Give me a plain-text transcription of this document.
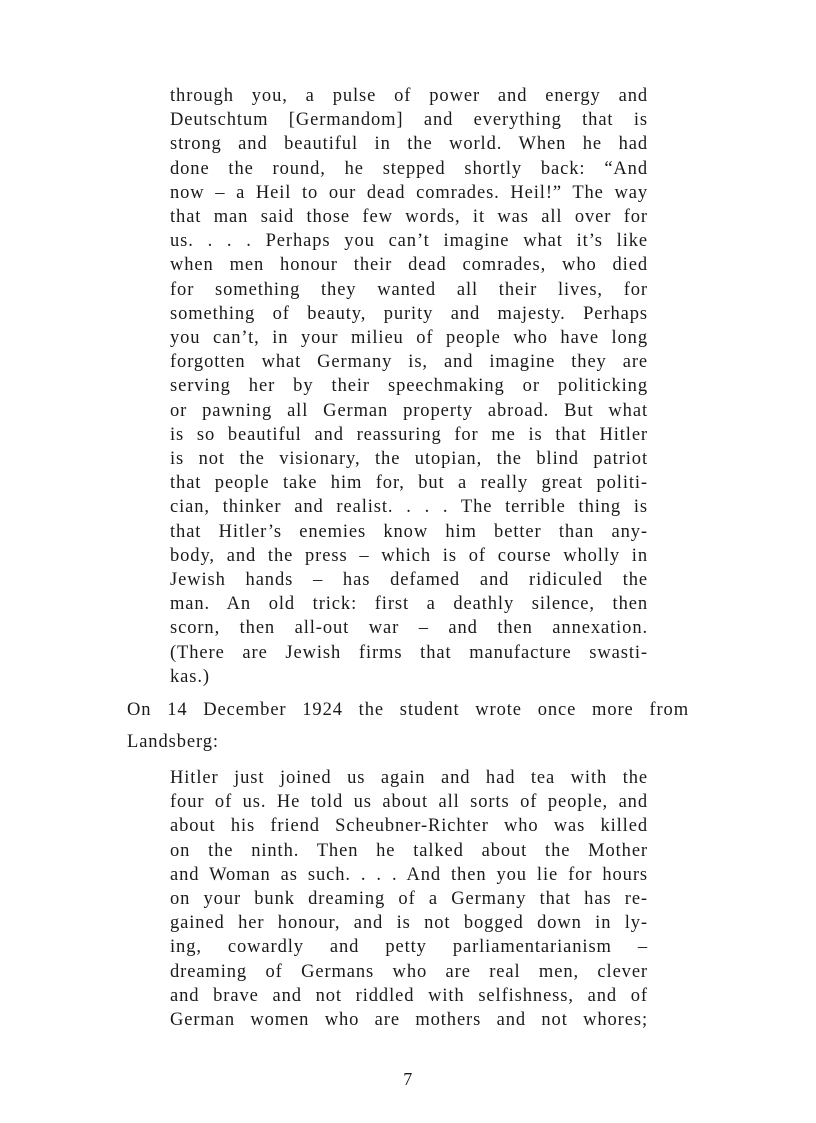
through you, a pulse of power and energy and
Deutschtum [Germandom] and everything that is
strong and beautiful in the world. When he had
done the round, he stepped shortly back: “And
now – a Heil to our dead comrades. Heil!” The way
that man said those few words, it was all over for
us. . . . Perhaps you can’t imagine what it’s like
when men honour their dead comrades, who died
for something they wanted all their lives, for
something of beauty, purity and majesty. Perhaps
you can’t, in your milieu of people who have long
forgotten what Germany is, and imagine they are
serving her by their speechmaking or politicking
or pawning all German property abroad. But what
is so beautiful and reassuring for me is that Hitler
is not the visionary, the utopian, the blind patriot
that people take him for, but a really great politi-
cian, thinker and realist. . . . The terrible thing is
that Hitler’s enemies know him better than any-
body, and the press – which is of course wholly in
Jewish hands – has defamed and ridiculed the
man. An old trick: first a deathly silence, then
scorn, then all-out war – and then annexation.
(There are Jewish firms that manufacture swasti-
kas.)
On 14 December 1924 the student wrote once more from
Landsberg:
Hitler just joined us again and had tea with the
four of us. He told us about all sorts of people, and
about his friend Scheubner-Richter who was killed
on the ninth. Then he talked about the Mother
and Woman as such. . . . And then you lie for hours
on your bunk dreaming of a Germany that has re-
gained her honour, and is not bogged down in ly-
ing, cowardly and petty parliamentarianism –
dreaming of Germans who are real men, clever
and brave and not riddled with selfishness, and of
German women who are mothers and not whores;
7
